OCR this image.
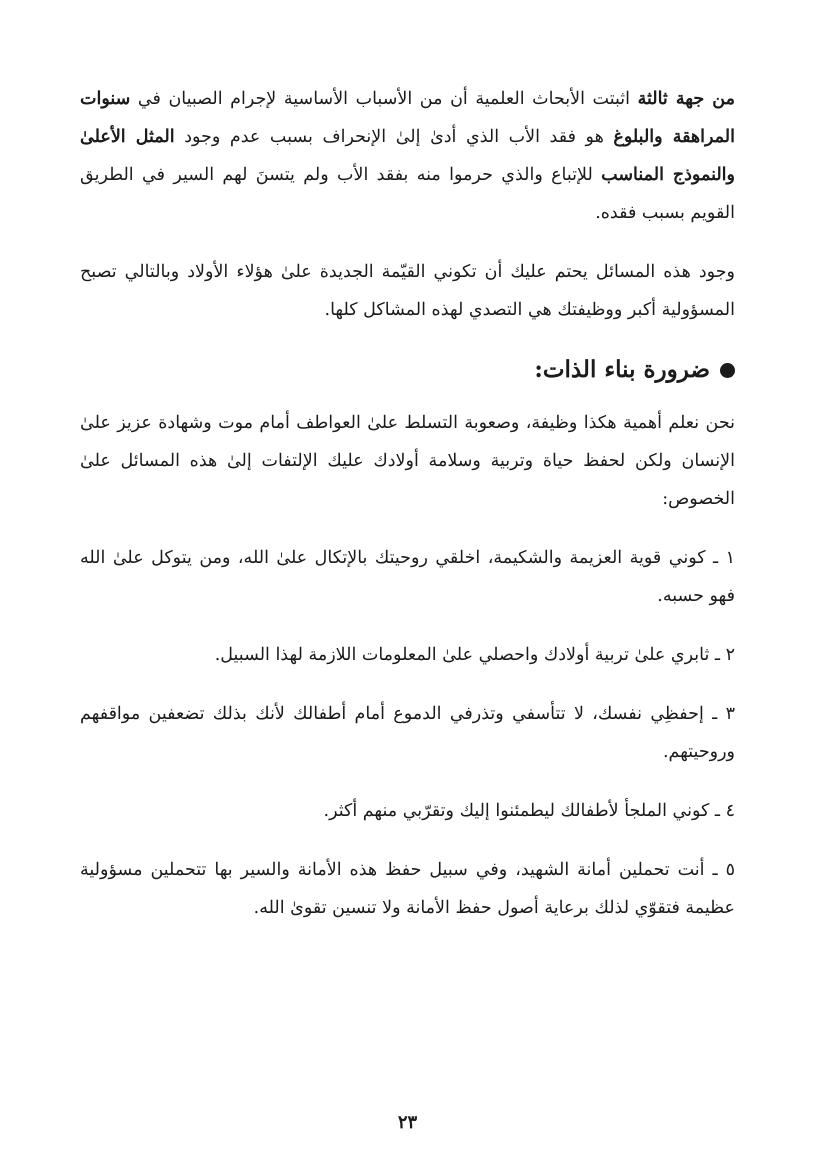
من جهة ثالثة اثبتت الأبحاث العلمية أن من الأسباب الأساسية لإجرام الصبيان في سنوات المراهقة والبلوغ هو فقد الأب الذي أدىٰ إلىٰ الإنحراف بسبب عدم وجود المثل الأعلىٰ والنموذج المناسب للإتباع والذي حرموا منه بفقد الأب ولم يتسنَ لهم السير في الطريق القويم بسبب فقده.

وجود هذه المسائل يحتم عليك أن تكوني القيّمة الجديدة علىٰ هؤلاء الأولاد وبالتالي تصبح المسؤولية أكبر ووظيفتك هي التصدي لهذه المشاكل كلها.

ضرورة بناء الذات:

نحن نعلم أهمية هكذا وظيفة، وصعوبة التسلط علىٰ العواطف أمام موت وشهادة عزيز علىٰ الإنسان ولكن لحفظ حياة وتربية وسلامة أولادك عليك الإلتفات إلىٰ هذه المسائل علىٰ الخصوص:

١ ـ كوني قوية العزيمة والشكيمة، اخلقي روحيتك بالإتكال علىٰ الله، ومن يتوكل علىٰ الله فهو حسبه.

٢ ـ ثابري علىٰ تربية أولادك واحصلي علىٰ المعلومات اللازمة لهذا السبيل.

٣ ـ إحفظِي نفسك، لا تتأسفي وتذرفي الدموع أمام أطفالك لأنك بذلك تضعفين مواقفهم وروحيتهم.

٤ ـ كوني الملجأ لأطفالك ليطمئنوا إليك وتقرّبي منهم أكثر.

٥ ـ أنت تحملين أمانة الشهيد، وفي سبيل حفظ هذه الأمانة والسير بها تتحملين مسؤولية عظيمة فتقوّي لذلك برعاية أصول حفظ الأمانة ولا تنسين تقوىٰ الله.

٢٣
